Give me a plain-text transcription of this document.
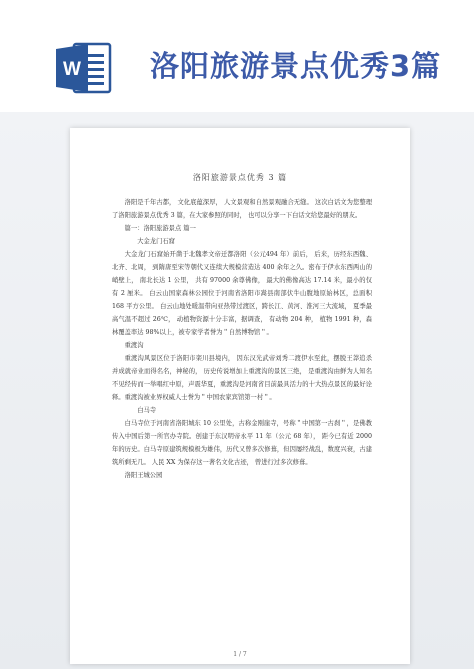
W 洛阳旅游景点优秀3篇
洛阳旅游景点优秀 3 篇

洛阳是千年古都， 文化底蕴深厚， 人文景观和自然景观融合无缝。 这次白话文为您整理了洛阳旅游景点优秀 3 篇，在大家参照的同时， 也可以分享一下白话文给您最好的朋友。

篇一：洛阳旅游景点 篇一

大金龙门石窟

大金龙门石窟始开凿于北魏孝文帝迁都洛阳（公元494 年）前后， 后来，历经东西魏、北齐、北周， 到隋唐至宋等朝代又连续大规模营造达 400 余年之久。密布于伊水东西两山的峭壁上， 南北长达 1 公里， 共有 97000 余尊佛像， 最大的佛像高达 17.14 米，最小的仅有 2 厘米。 白云山国家森林公园位于河南省洛阳市嵩县南部伏牛山腹地原始林区，总面积 168 平方公里。 白云山地处暖温带向亚热带过渡区，跨长江、黄河、淮河三大流域， 夏季最高气温不超过 26℃， 动植物资源十分丰富，据调查， 有动物 204 种， 植物 1991 种，森林覆盖率达 98%以上，被专家学者誉为＂自然博物馆＂。

重渡沟

重渡沟风景区位于洛阳市栾川县境内， 因东汉光武帝刘秀二渡伊水至此，摆脱王莽追杀并成就帝业而得名名，神秘的， 历史传说增加上重渡沟的景区三绝， 是重渡沟由鲜为人知名不见经传而一举唱红中原，声震华夏，重渡沟是河南省目前最具活力的十大热点景区的最好诠释。重渡沟被业界权威人士誉为＂中国农家宾馆第一村＂。

白马寺

白马寺位于河南省洛阳城东 10 公里处，古称金刚崖寺，号称＂中国第一古刹＂，是佛教传入中国后第一所官办寺院。创建于东汉明帝永平 11 年（公元 68 年）， 距今已有近 2000 年的历史。白马寺原建筑规模极为雄伟，历代又曾多次修葺，但因屡经战乱，数度兴衰，古建筑所剩无几。 人民 XX 为保存这一著名文化古迹， 曾进行过多次修葺。

洛阳王城公园

1 / 7
